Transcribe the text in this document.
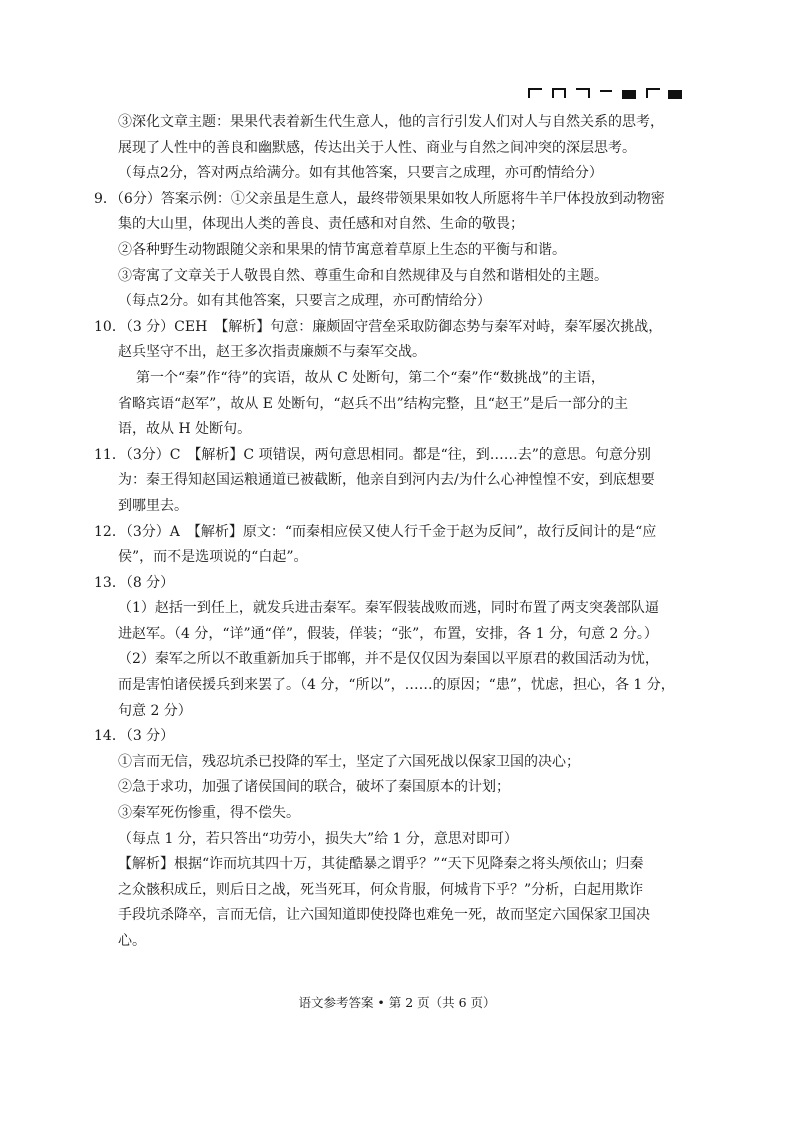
③深化文章主题：果果代表着新生代生意人，他的言行引发人们对人与自然关系的思考，

展现了人性中的善良和幽默感，传达出关于人性、商业与自然之间冲突的深层思考。

（每点2分，答对两点给满分。如有其他答案，只要言之成理，亦可酌情给分）

9．（6分）答案示例：①父亲虽是生意人，最终带领果果如牧人所愿将牛羊尸体投放到动物密

集的大山里，体现出人类的善良、责任感和对自然、生命的敬畏；

②各种野生动物跟随父亲和果果的情节寓意着草原上生态的平衡与和谐。

③寄寓了文章关于人敬畏自然、尊重生命和自然规律及与自然和谐相处的主题。

（每点2分。如有其他答案，只要言之成理，亦可酌情给分）

10．（3 分）CEH　【解析】句意：廉颇固守营垒采取防御态势与秦军对峙，秦军屡次挑战，

赵兵坚守不出，赵王多次指责廉颇不与秦军交战。

第一个“秦”作“待”的宾语，故从 C 处断句，第二个“秦”作“数挑战”的主语，

省略宾语“赵军”，故从 E 处断句，“赵兵不出”结构完整，且“赵王”是后一部分的主

语，故从 H 处断句。

11．（3分）C　【解析】C 项错误，两句意思相同。都是“往，到……去”的意思。句意分别

为：秦王得知赵国运粮通道已被截断，他亲自到河内去/为什么心神惶惶不安，到底想要

到哪里去。

12．（3分）A　【解析】原文：“而秦相应侯又使人行千金于赵为反间”，故行反间计的是“应

侯”，而不是选项说的“白起”。

13．（8 分）

（1）赵括一到任上，就发兵进击秦军。秦军假装战败而逃，同时布置了两支突袭部队逼

进赵军。（4 分，“详”通“佯”，假装，佯装；“张”，布置，安排，各 1 分，句意 2 分。）

（2）秦军之所以不敢重新加兵于邯郸，并不是仅仅因为秦国以平原君的救国活动为忧，

而是害怕诸侯援兵到来罢了。（4 分，“所以”，……的原因；“患”，忧虑，担心，各 1 分，

句意 2 分）

14．（3 分）

①言而无信，残忍坑杀已投降的军士，坚定了六国死战以保家卫国的决心；

②急于求功，加强了诸侯国间的联合，破坏了秦国原本的计划；

③秦军死伤惨重，得不偿失。

（每点 1 分，若只答出“功劳小，损失大”给 1 分，意思对即可）

【解析】根据“诈而坑其四十万，其徒酷暴之谓乎？”“天下见降秦之将头颅依山；归秦

之众骸积成丘，则后日之战，死当死耳，何众肯服，何城肯下乎？”分析，白起用欺诈

手段坑杀降卒，言而无信，让六国知道即使投降也难免一死，故而坚定六国保家卫国决

心。

语文参考答案 • 第 2 页（共 6 页）
